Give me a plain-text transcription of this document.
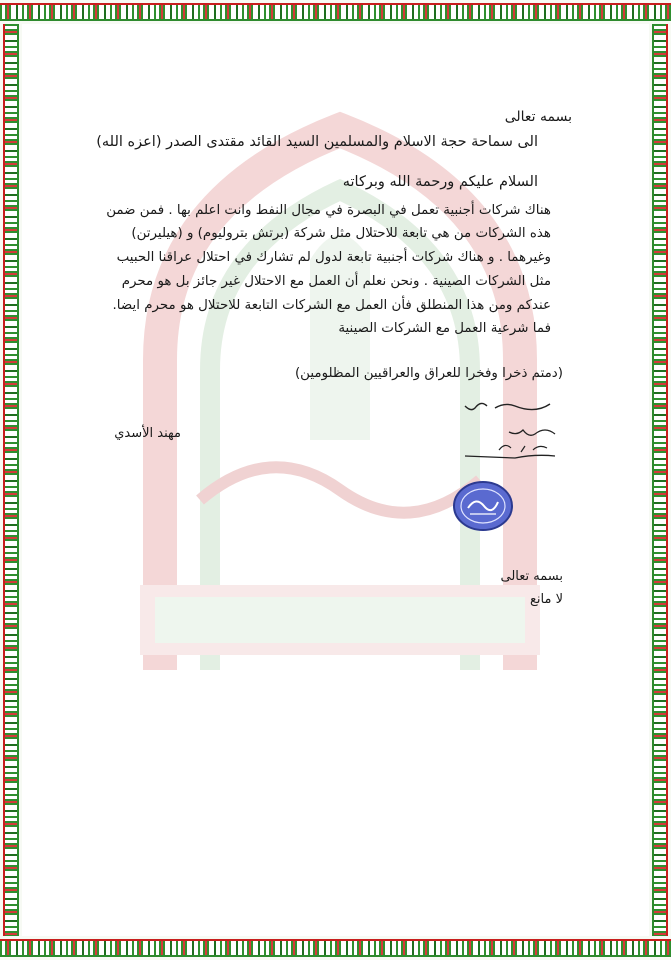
بسمه تعالى
الى سماحة حجة الاسلام والمسلمين السيد القائد مقتدى الصدر (اعزه الله)
السلام عليكم ورحمة الله وبركاته
هناك شركات أجنبية تعمل في البصرة في مجال النفط وانت اعلم بها . فمن ضمن
هذه الشركات من هي تابعة للاحتلال مثل شركة (برتش بتروليوم) و (هيليرتن)
وغيرهما . و هناك شركات أجنبية تابعة لدول لم تشارك في احتلال عراقنا الحبيب
مثل الشركات الصينية . ونحن نعلم أن العمل مع الاحتلال غير جائز بل هو محرم
عندكم ومن هذا المنطلق فأن العمل مع الشركات التابعة للاحتلال هو محرم ايضا.
فما شرعية العمل مع الشركات الصينية
(دمتم ذخرا وفخرا للعراق والعراقيين المظلومين)
مهند الأسدي
بسمه تعالى
لا مانع
